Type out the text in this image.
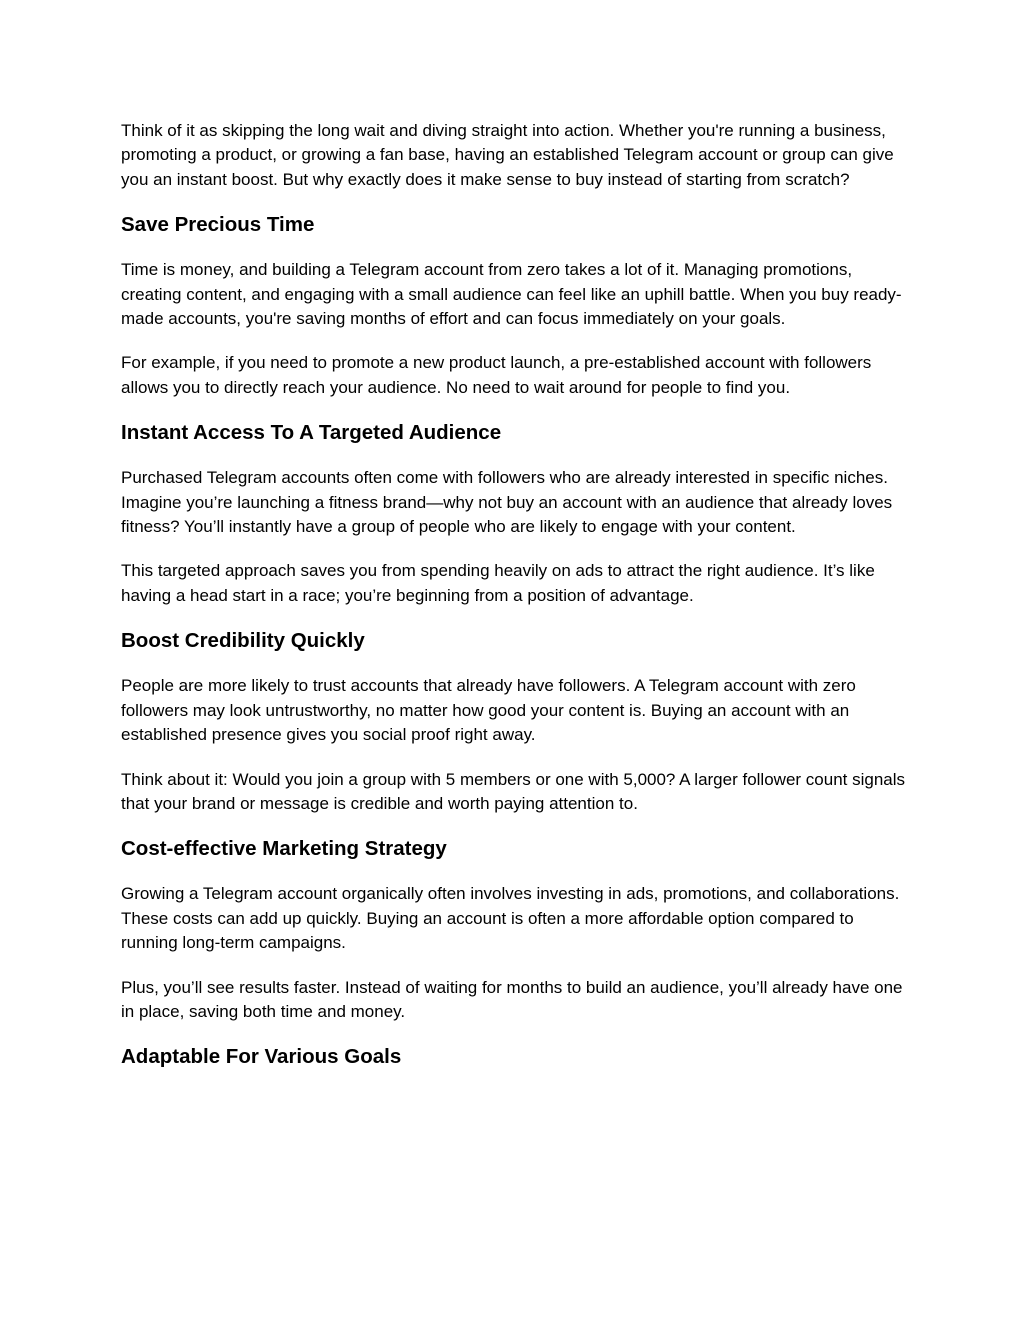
Think of it as skipping the long wait and diving straight into action. Whether you're running a business, promoting a product, or growing a fan base, having an established Telegram account or group can give you an instant boost. But why exactly does it make sense to buy instead of starting from scratch?

Save Precious Time

Time is money, and building a Telegram account from zero takes a lot of it. Managing promotions, creating content, and engaging with a small audience can feel like an uphill battle. When you buy ready-made accounts, you're saving months of effort and can focus immediately on your goals.

For example, if you need to promote a new product launch, a pre-established account with followers allows you to directly reach your audience. No need to wait around for people to find you.

Instant Access To A Targeted Audience

Purchased Telegram accounts often come with followers who are already interested in specific niches. Imagine you’re launching a fitness brand—why not buy an account with an audience that already loves fitness? You’ll instantly have a group of people who are likely to engage with your content.

This targeted approach saves you from spending heavily on ads to attract the right audience. It’s like having a head start in a race; you’re beginning from a position of advantage.

Boost Credibility Quickly

People are more likely to trust accounts that already have followers. A Telegram account with zero followers may look untrustworthy, no matter how good your content is. Buying an account with an established presence gives you social proof right away.

Think about it: Would you join a group with 5 members or one with 5,000? A larger follower count signals that your brand or message is credible and worth paying attention to.

Cost-effective Marketing Strategy

Growing a Telegram account organically often involves investing in ads, promotions, and collaborations. These costs can add up quickly. Buying an account is often a more affordable option compared to running long-term campaigns.

Plus, you’ll see results faster. Instead of waiting for months to build an audience, you’ll already have one in place, saving both time and money.

Adaptable For Various Goals
